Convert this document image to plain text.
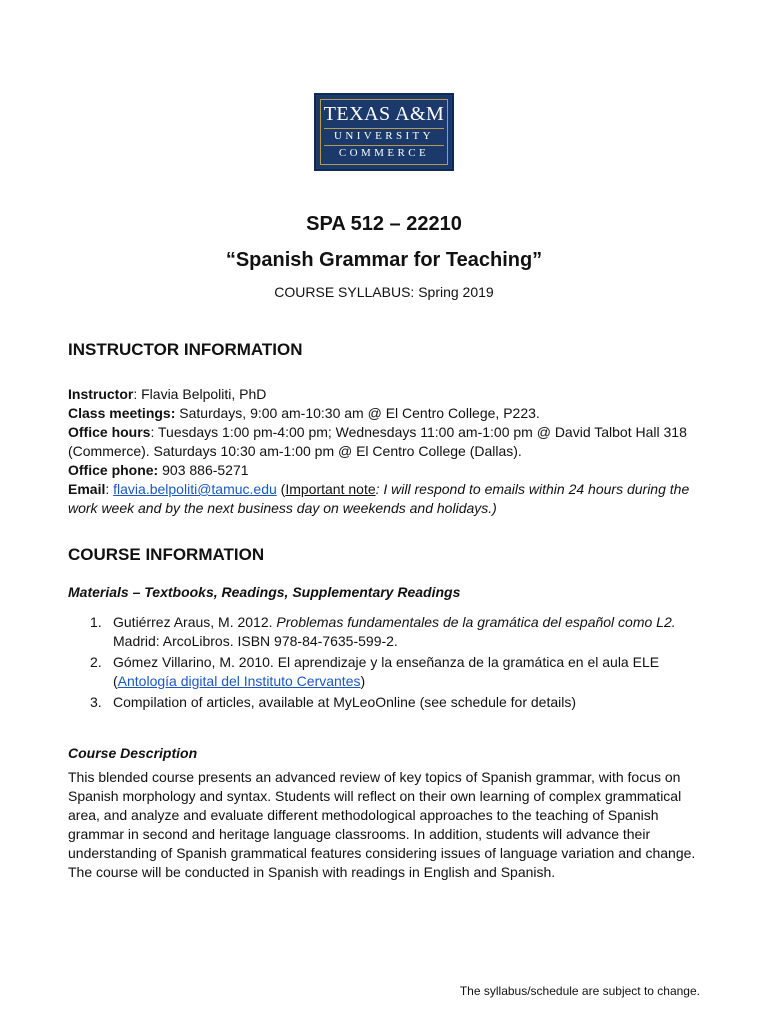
TEXAS A&M
UNIVERSITY
COMMERCE
SPA 512 – 22210
“Spanish Grammar for Teaching”
COURSE SYLLABUS: Spring 2019
INSTRUCTOR INFORMATION
Instructor: Flavia Belpoliti, PhD
Class meetings: Saturdays, 9:00 am-10:30 am @ El Centro College, P223.
Office hours: Tuesdays 1:00 pm-4:00 pm; Wednesdays 11:00 am-1:00 pm @ David Talbot Hall 318
(Commerce). Saturdays 10:30 am-1:00 pm @ El Centro College (Dallas).
Office phone: 903 886-5271
Email: flavia.belpoliti@tamuc.edu (Important note: I will respond to emails within 24 hours during the
work week and by the next business day on weekends and holidays.)
COURSE INFORMATION
Materials – Textbooks, Readings, Supplementary Readings
1. Gutiérrez Araus, M. 2012. Problemas fundamentales de la gramática del español como L2.
Madrid: ArcoLibros. ISBN 978-84-7635-599-2.
2. Gómez Villarino, M. 2010. El aprendizaje y la enseñanza de la gramática en el aula ELE
(Antología digital del Instituto Cervantes)
3. Compilation of articles, available at MyLeoOnline (see schedule for details)
Course Description
This blended course presents an advanced review of key topics of Spanish grammar, with focus on
Spanish morphology and syntax. Students will reflect on their own learning of complex grammatical
area, and analyze and evaluate different methodological approaches to the teaching of Spanish
grammar in second and heritage language classrooms. In addition, students will advance their
understanding of Spanish grammatical features considering issues of language variation and change.
The course will be conducted in Spanish with readings in English and Spanish.
The syllabus/schedule are subject to change.
